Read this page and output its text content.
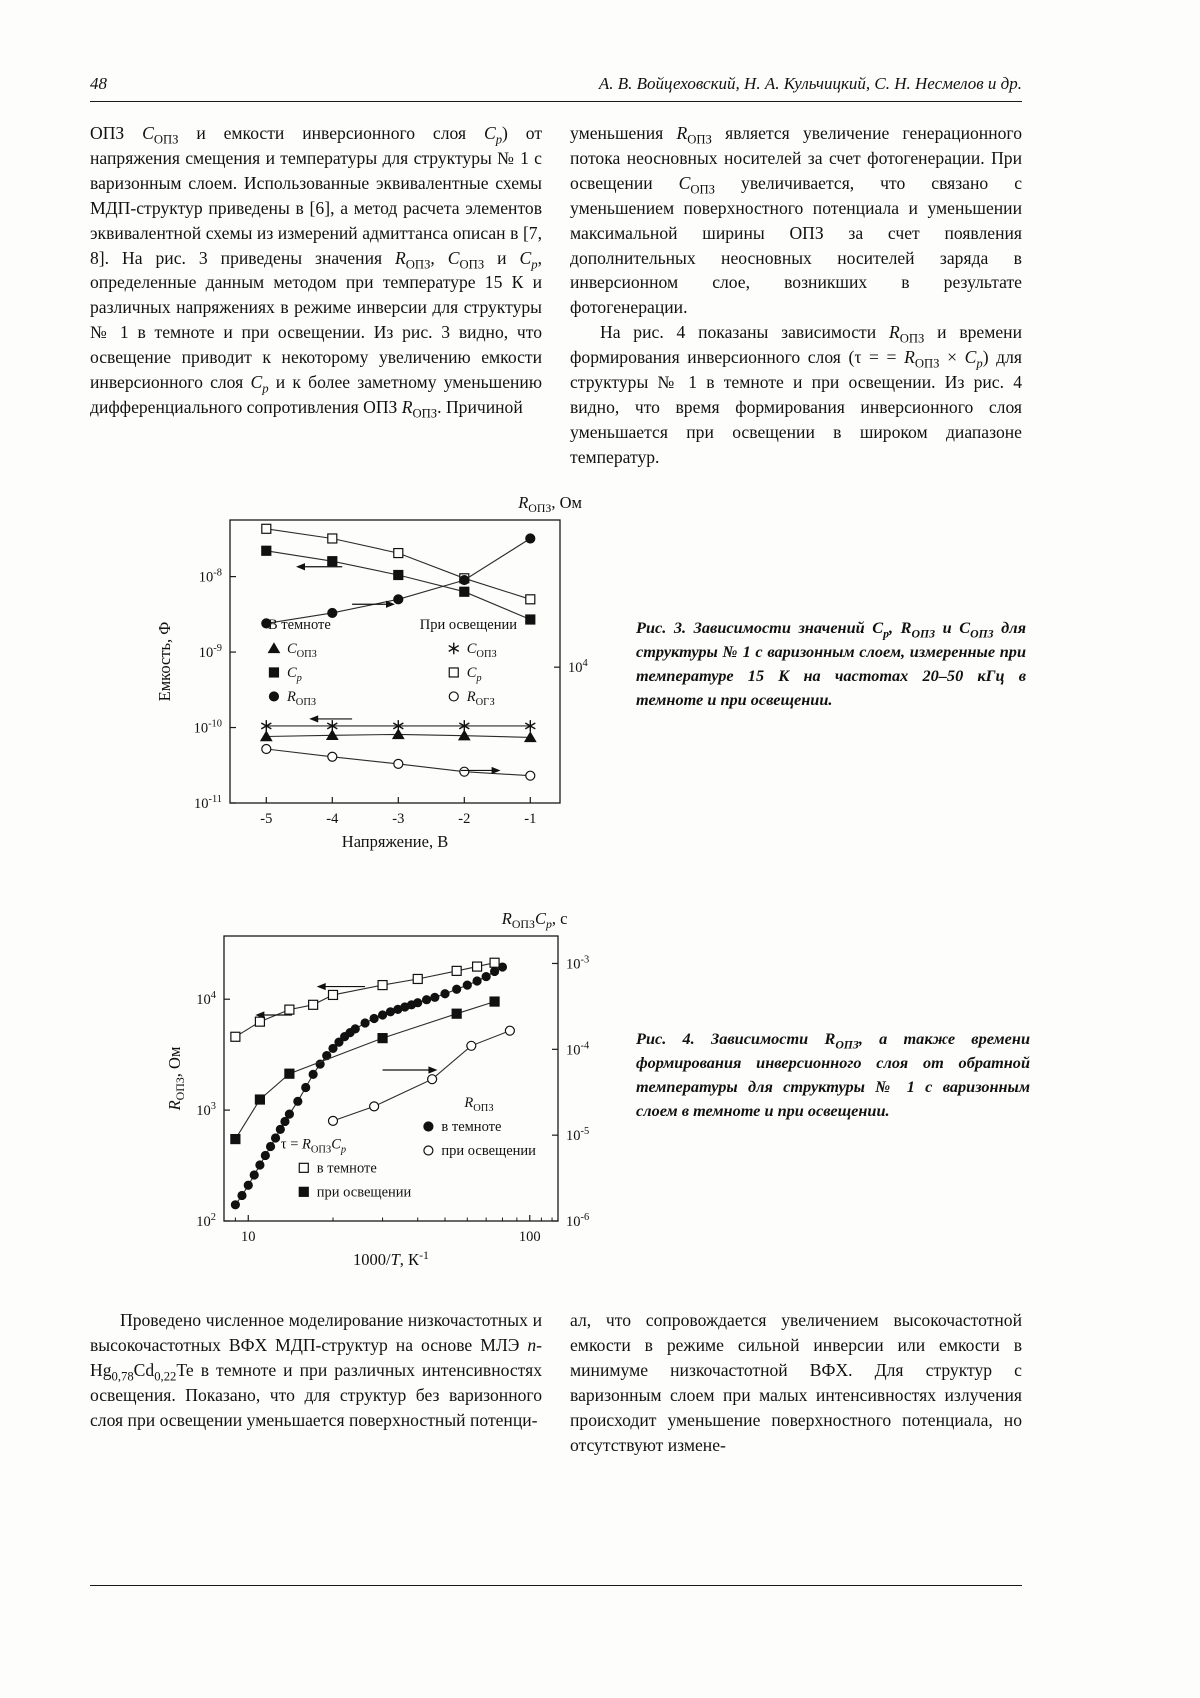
48	А. В. Войцеховский, Н. А. Кульчицкий, С. Н. Несмелов и др.

ОПЗ $C_{ОПЗ}$ и емкости инверсионного слоя $C_p$) от напряжения смещения и температуры для структуры № 1 с варизонным слоем. Использованные эквивалентные схемы МДП-структур приведены в [6], а метод расчета элементов эквивалентной схемы из измерений адмиттанса описан в [7, 8]. На рис. 3 приведены значения $R_{ОПЗ}$, $C_{ОПЗ}$ и $C_p$, определенные данным методом при температуре 15 К и различных напряжениях в режиме инверсии для структуры № 1 в темноте и при освещении. Из рис. 3 видно, что освещение приводит к некоторому увеличению емкости инверсионного слоя $C_p$ и к более заметному уменьшению дифференциального сопротивления ОПЗ $R_{ОПЗ}$. Причиной

уменьшения $R_{ОПЗ}$ является увеличение генерационного потока неосновных носителей за счет фотогенерации. При освещении $C_{ОПЗ}$ увеличивается, что связано с уменьшением поверхностного потенциала и уменьшении максимальной ширины ОПЗ за счет появления дополнительных неосновных носителей заряда в инверсионном слое, возникших в результате фотогенерации.

На рис. 4 показаны зависимости $R_{ОПЗ}$ и времени формирования инверсионного слоя (τ = = $R_{ОПЗ} \times C_p$) для структуры № 1 в темноте и при освещении. Из рис. 4 видно, что время формирования инверсионного слоя уменьшается при освещении в широком диапазоне температур.

-5	-4	-3	-2	-1
$10^{-8}$
$10^{-9}$
$10^{-10}$
$10^{-11}$
$10^4$
Напряжение, В
Емкость, Ф
$R_{ОПЗ}$, Ом
В темноте
$C_{ОПЗ}$
$C_p$
$R_{ОПЗ}$
При освещении
$C_{ОПЗ}$
$C_p$
$R_{ОГЗ}$
Рис. 3. Зависимости значений $C_p$, $R_{ОПЗ}$ и $C_{ОПЗ}$ для структуры № 1 с варизонным слоем, измеренные при температуре 15 К на частотах 20–50 кГц в темноте и при освещении.
10	100
$10^4$
$10^3$
$10^2$
$10^{-3}$
$10^{-4}$
$10^{-5}$
$10^{-6}$
1000/T, $К^{-1}$
$R_{ОПЗ}$, Ом
$R_{ОПЗ}C_p$, с
$R_{ОПЗ}$
в темноте
при освещении
$\tau = R_{ОПЗ}C_p$
в темноте
при освещении
Рис. 4. Зависимости $R_{ОПЗ}$, а также времени формирования инверсионного слоя от обратной температуры для структуры № 1 с варизонным слоем в темноте и при освещении.

Проведено численное моделирование низкочастотных и высокочастотных ВФХ МДП-структур на основе МЛЭ $n-Hg_{0,78}Cd_{0,22}Te$ в темноте и при различных интенсивностях освещения. Показано, что для структур без варизонного слоя при освещении уменьшается поверхностный потенци-

ал, что сопровождается увеличением высокочастотной емкости в режиме сильной инверсии или емкости в минимуме низкочастотной ВФХ. Для структур с варизонным слоем при малых интенсивностях излучения происходит уменьшение поверхностного потенциала, но отсутствуют измене-
